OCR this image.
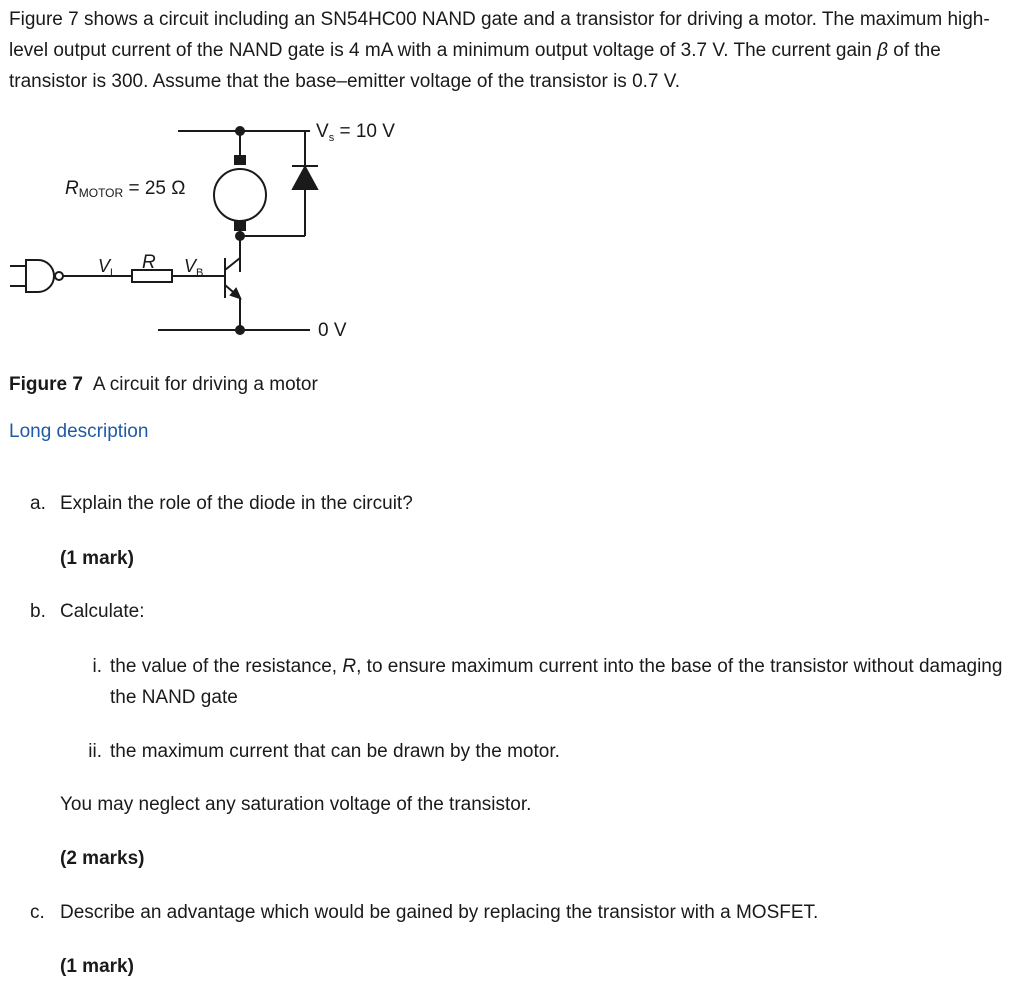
Figure 7 shows a circuit including an SN54HC00 NAND gate and a transistor for driving a motor. The maximum high-level output current of the NAND gate is 4 mA with a minimum output voltage of 3.7 V. The current gain β of the transistor is 300. Assume that the base–emitter voltage of the transistor is 0.7 V.

RMOTOR = 25 Ω
$V_s = 10$ V
$V_L$ R $V_B$
0 V
Figure 7 A circuit for driving a motor
Long description
a. Explain the role of the diode in the circuit?
(1 mark)
b. Calculate:
i. the value of the resistance, R, to ensure maximum current into the base of the transistor without damaging the NAND gate
ii. the maximum current that can be drawn by the motor.
You may neglect any saturation voltage of the transistor.
(2 marks)
c. Describe an advantage which would be gained by replacing the transistor with a MOSFET.
(1 mark)
